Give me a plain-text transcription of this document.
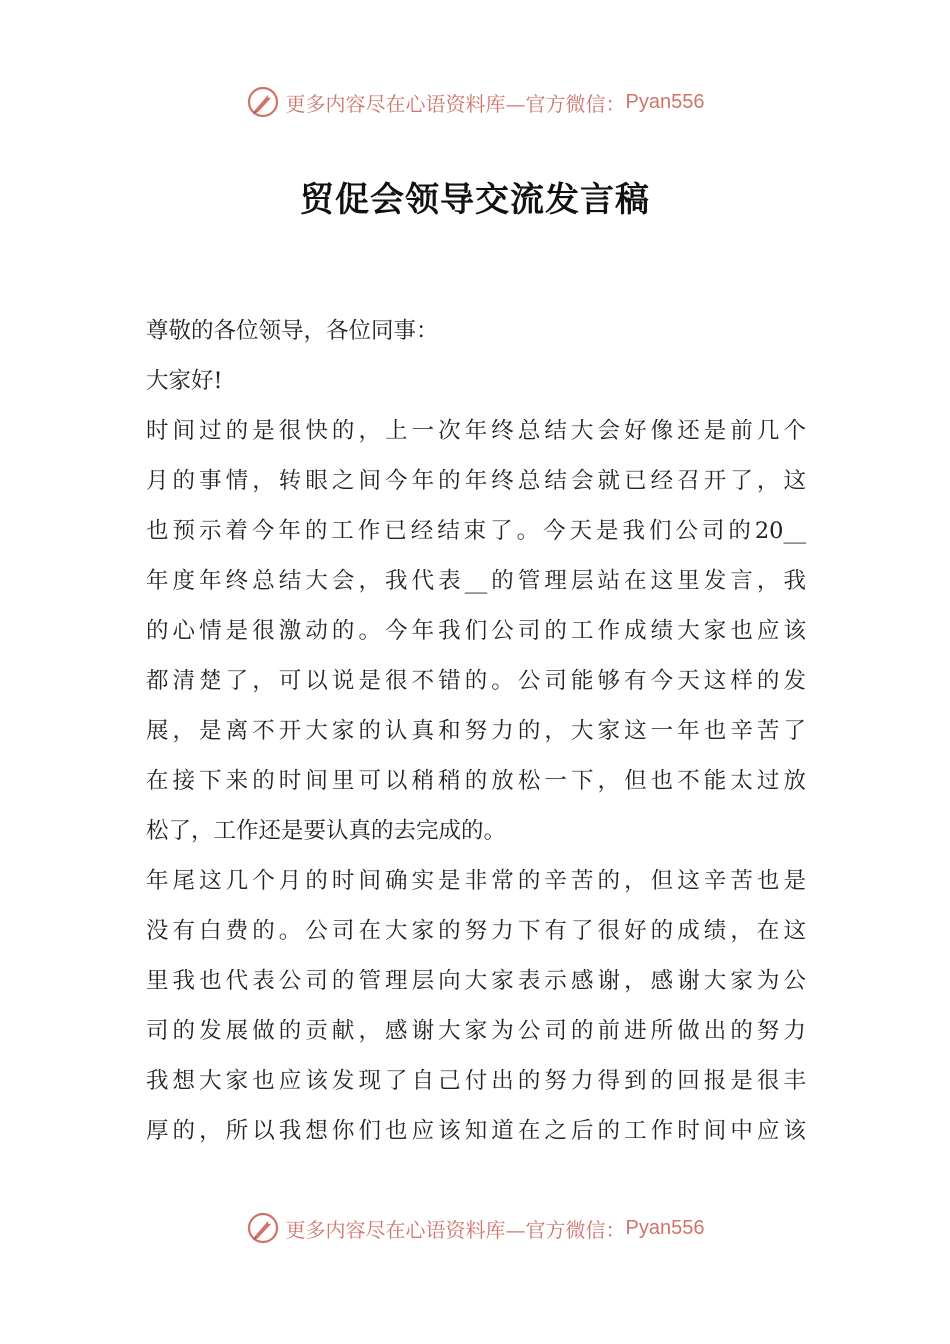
更多内容尽在心语资料库—官方微信： Pyan556
贸促会领导交流发言稿
尊敬的各位领导，各位同事：
大家好!
时间过的是很快的，上一次年终总结大会好像还是前几个
月的事情，转眼之间今年的年终总结会就已经召开了，这
也预示着今年的工作已经结束了。今天是我们公司的20__
年度年终总结大会，我代表__的管理层站在这里发言，我
的心情是很激动的。今年我们公司的工作成绩大家也应该
都清楚了，可以说是很不错的。公司能够有今天这样的发
展，是离不开大家的认真和努力的，大家这一年也辛苦了
在接下来的时间里可以稍稍的放松一下，但也不能太过放
松了，工作还是要认真的去完成的。
年尾这几个月的时间确实是非常的辛苦的，但这辛苦也是
没有白费的。公司在大家的努力下有了很好的成绩，在这
里我也代表公司的管理层向大家表示感谢，感谢大家为公
司的发展做的贡献，感谢大家为公司的前进所做出的努力
我想大家也应该发现了自己付出的努力得到的回报是很丰
厚的，所以我想你们也应该知道在之后的工作时间中应该
更多内容尽在心语资料库—官方微信： Pyan556
